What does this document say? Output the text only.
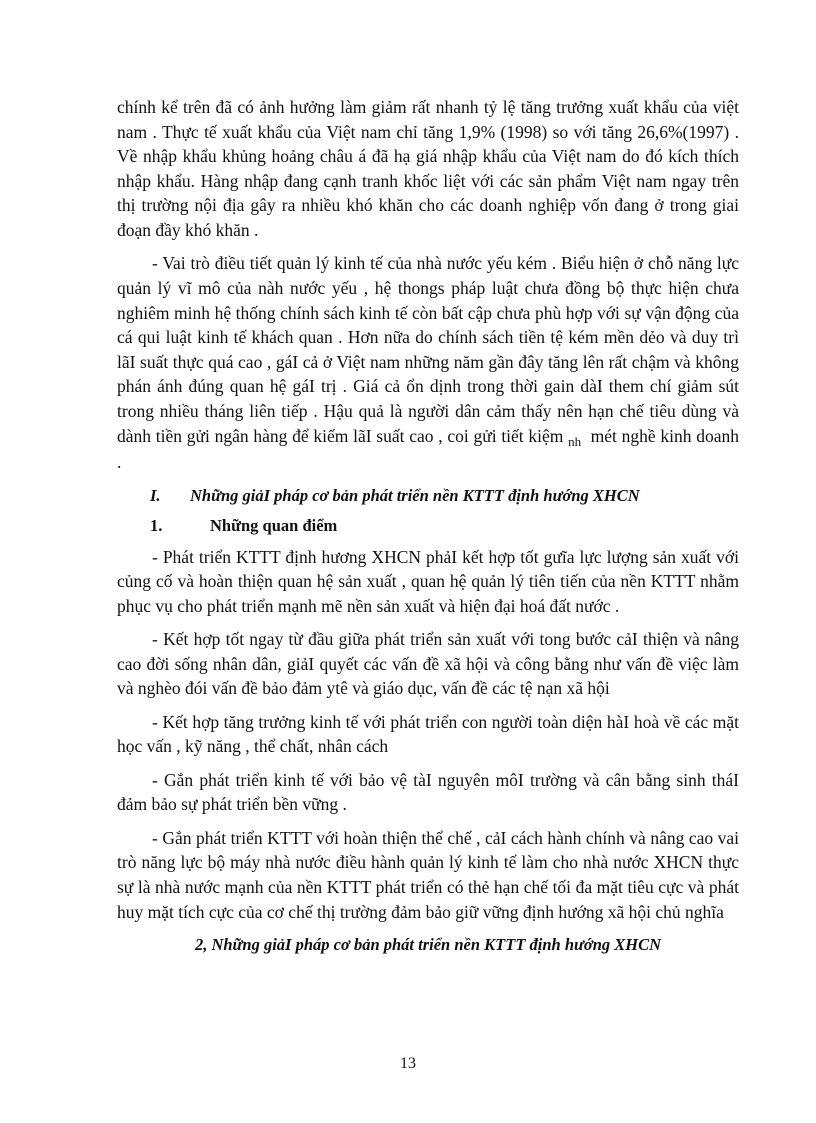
chính kể trên đã có ảnh hưởng làm giảm rất nhanh tỷ lệ tăng trưởng xuất khẩu của việt nam . Thực tế xuất khẩu của Việt nam chỉ tăng 1,9% (1998) so với tăng 26,6%(1997) . Về nhập khẩu khủng hoảng châu á đã hạ giá nhập khẩu của Việt nam do đó kích thích nhập khẩu. Hàng nhập đang cạnh tranh khốc liệt với các sản phẩm Việt nam ngay trên thị trường nội địa gây ra nhiều khó khăn cho các doanh nghiệp vốn đang ở trong giai đoạn đầy khó khăn .

- Vai trò điều tiết quản lý kinh tế của nhà nước yếu kém . Biểu hiện ở chỗ năng lực quản lý vĩ mô của nàh nước yếu , hệ thongs pháp luật chưa đồng bộ thực hiện chưa nghiêm minh hệ thống chính sách kinh tế còn bất cập chưa phù hợp với sự vận động của cá qui luật kinh tế khách quan . Hơn nữa do chính sách tiền tệ kém mền dẻo và duy trì lãI suất thực quá cao , gáI cả ở Việt nam những năm gần đây tăng lên rất chậm và không phán ánh đúng quan hệ gáI trị . Giá cả ổn dịnh trong thời gain dàI them chí giảm sút trong nhiều tháng liên tiếp . Hậu quả là người dân cảm thấy nên hạn chế tiêu dùng và dành tiền gửi ngân hàng để kiếm lãI suất cao , coi gửi tiết kiệm $_{nh}$ mét nghề kinh doanh .

I. Những giảI pháp cơ bản phát triển nền KTTT định hướng XHCN

1.	Những quan điểm

- Phát triển KTTT định hương XHCN phảI kết hợp tốt gưĩa lực lượng sản xuất với củng cố và hoàn thiện quan hệ sản xuất , quan hệ quản lý tiên tiến của nền KTTT nhằm phục vụ cho phát triển mạnh mẽ nền sản xuất và hiện đại hoá đất nước .

- Kết hợp tốt ngay từ đầu giữa phát triển sản xuất với tong bước cảI thiện và nâng cao đời sống nhân dân, giảI quyết các vấn đề xã hội và công bằng như vấn đề việc làm và nghèo đói vấn đề bảo đảm ytê và giáo dục, vấn đề các tệ nạn xã hội

- Kết hợp tăng trưởng kinh tế với phát triển con người toàn diện hàI hoà về các mặt học vấn , kỹ năng , thể chất, nhân cách

- Gắn phát triển kinh tế với bảo vệ tàI nguyên môI trường và cân bằng sinh tháI đảm bảo sự phát triển bền vững .

- Gắn phát triển KTTT với hoàn thiện thể chế , cảI cách hành chính và nâng cao vai trò năng lực bộ máy nhà nước điều hành quản lý kinh tế làm cho nhà nước XHCN thực sự là nhà nước mạnh của nền KTTT phát triển có thẻ hạn chế tối đa mặt tiêu cực và phát huy mặt tích cực của cơ chế thị trường đảm bảo giữ vững định hướng xã hội chủ nghĩa

2, Những giảI pháp cơ bản phát triển nền KTTT định hướng XHCN

13
